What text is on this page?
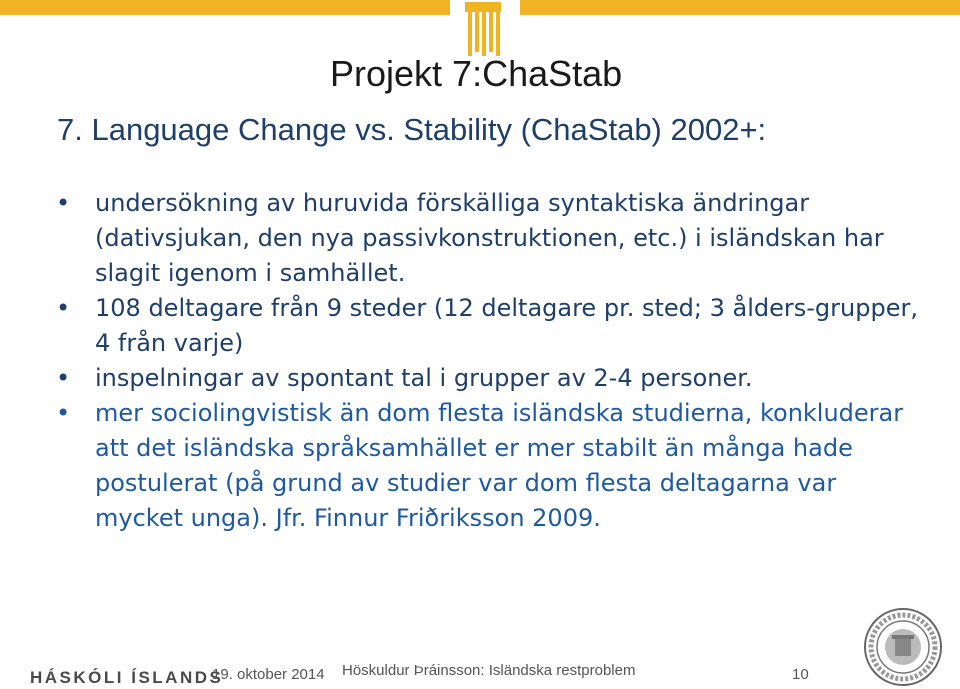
Projekt 7:ChaStab
7. Language Change vs. Stability (ChaStab) 2002+:
• undersökning av huruvida förskälliga syntaktiska ändringar (dativsjukan, den nya passivkonstruktionen, etc.) i isländskan har slagit igenom i samhället.
• 108 deltagare från 9 steder (12 deltagare pr. sted; 3 ålders-grupper, 4 från varje)
• inspelningar av spontant tal i grupper av 2-4 personer.
• mer sociolingvistisk än dom flesta isländska studierna, konkluderar att det isländska språksamhället er mer stabilt än många hade postulerat (på grund av studier var dom flesta deltagarna var mycket unga). Jfr. Finnur Friðriksson 2009.
HÁSKÓLI ÍSLANDS
19. oktober 2014 Höskuldur Þráinsson: Isländska restproblem	10
